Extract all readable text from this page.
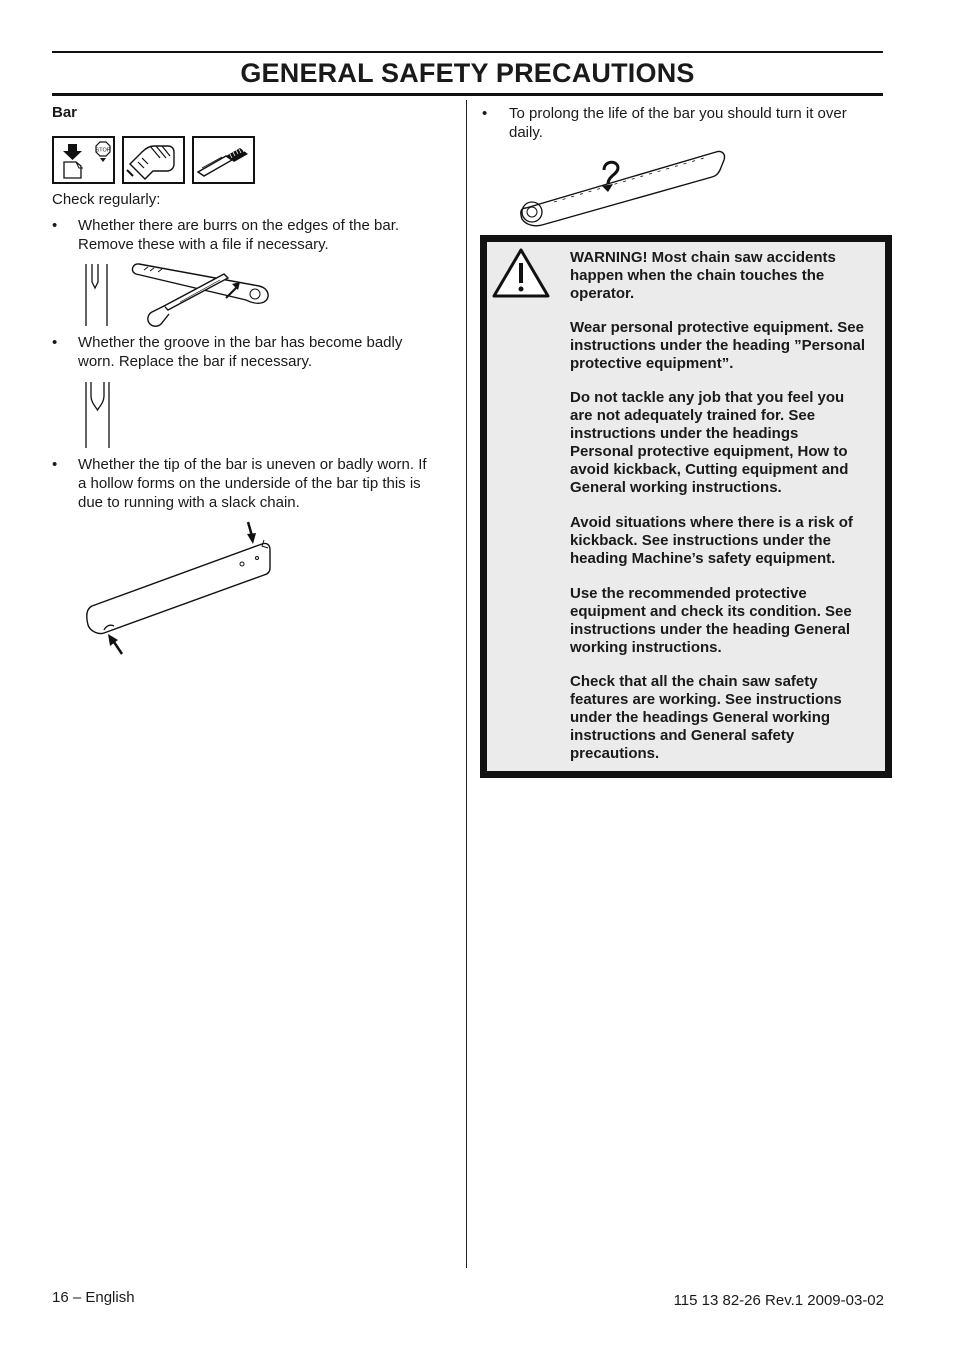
GENERAL SAFETY PRECAUTIONS
Bar
STOP
Check regularly:
• Whether there are burrs on the edges of the bar.
Remove these with a file if necessary.
• Whether the groove in the bar has become badly
worn. Replace the bar if necessary.
• Whether the tip of the bar is uneven or badly worn. If
a hollow forms on the underside of the bar tip this is
due to running with a slack chain.
• To prolong the life of the bar you should turn it over
daily.
WARNING! Most chain saw accidents
happen when the chain touches the
operator.
Wear personal protective equipment. See
instructions under the heading ”Personal
protective equipment”.
Do not tackle any job that you feel you
are not adequately trained for. See
instructions under the headings
Personal protective equipment, How to
avoid kickback, Cutting equipment and
General working instructions.
Avoid situations where there is a risk of
kickback. See instructions under the
heading Machine’s safety equipment.
Use the recommended protective
equipment and check its condition. See
instructions under the heading General
working instructions.
Check that all the chain saw safety
features are working. See instructions
under the headings General working
instructions and General safety
precautions.
16 – English	115 13 82-26 Rev.1 2009-03-02
